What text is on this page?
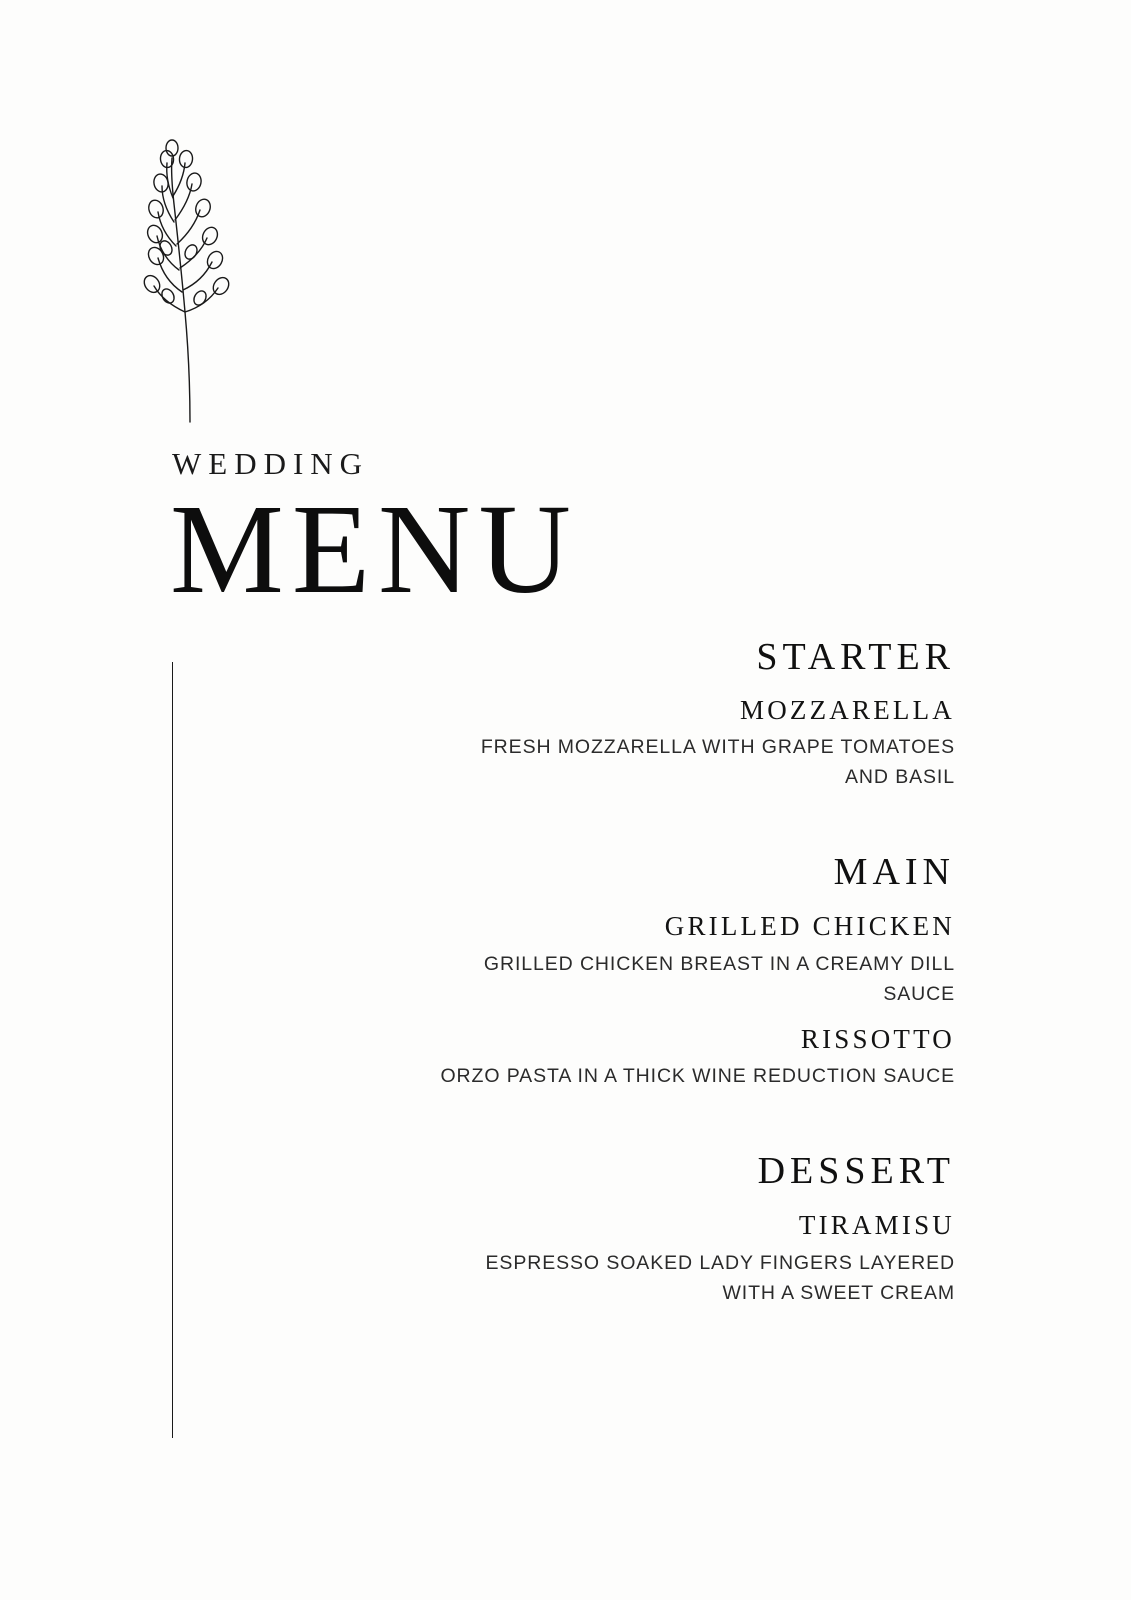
WEDDING
MENU
STARTER
MOZZARELLA

FRESH MOZZARELLA WITH GRAPE TOMATOES AND BASIL

MAIN
GRILLED CHICKEN

GRILLED CHICKEN BREAST IN A CREAMY DILL SAUCE

RISSOTTO

ORZO PASTA IN A THICK WINE REDUCTION SAUCE

DESSERT
TIRAMISU

ESPRESSO SOAKED LADY FINGERS LAYERED WITH A SWEET CREAM
